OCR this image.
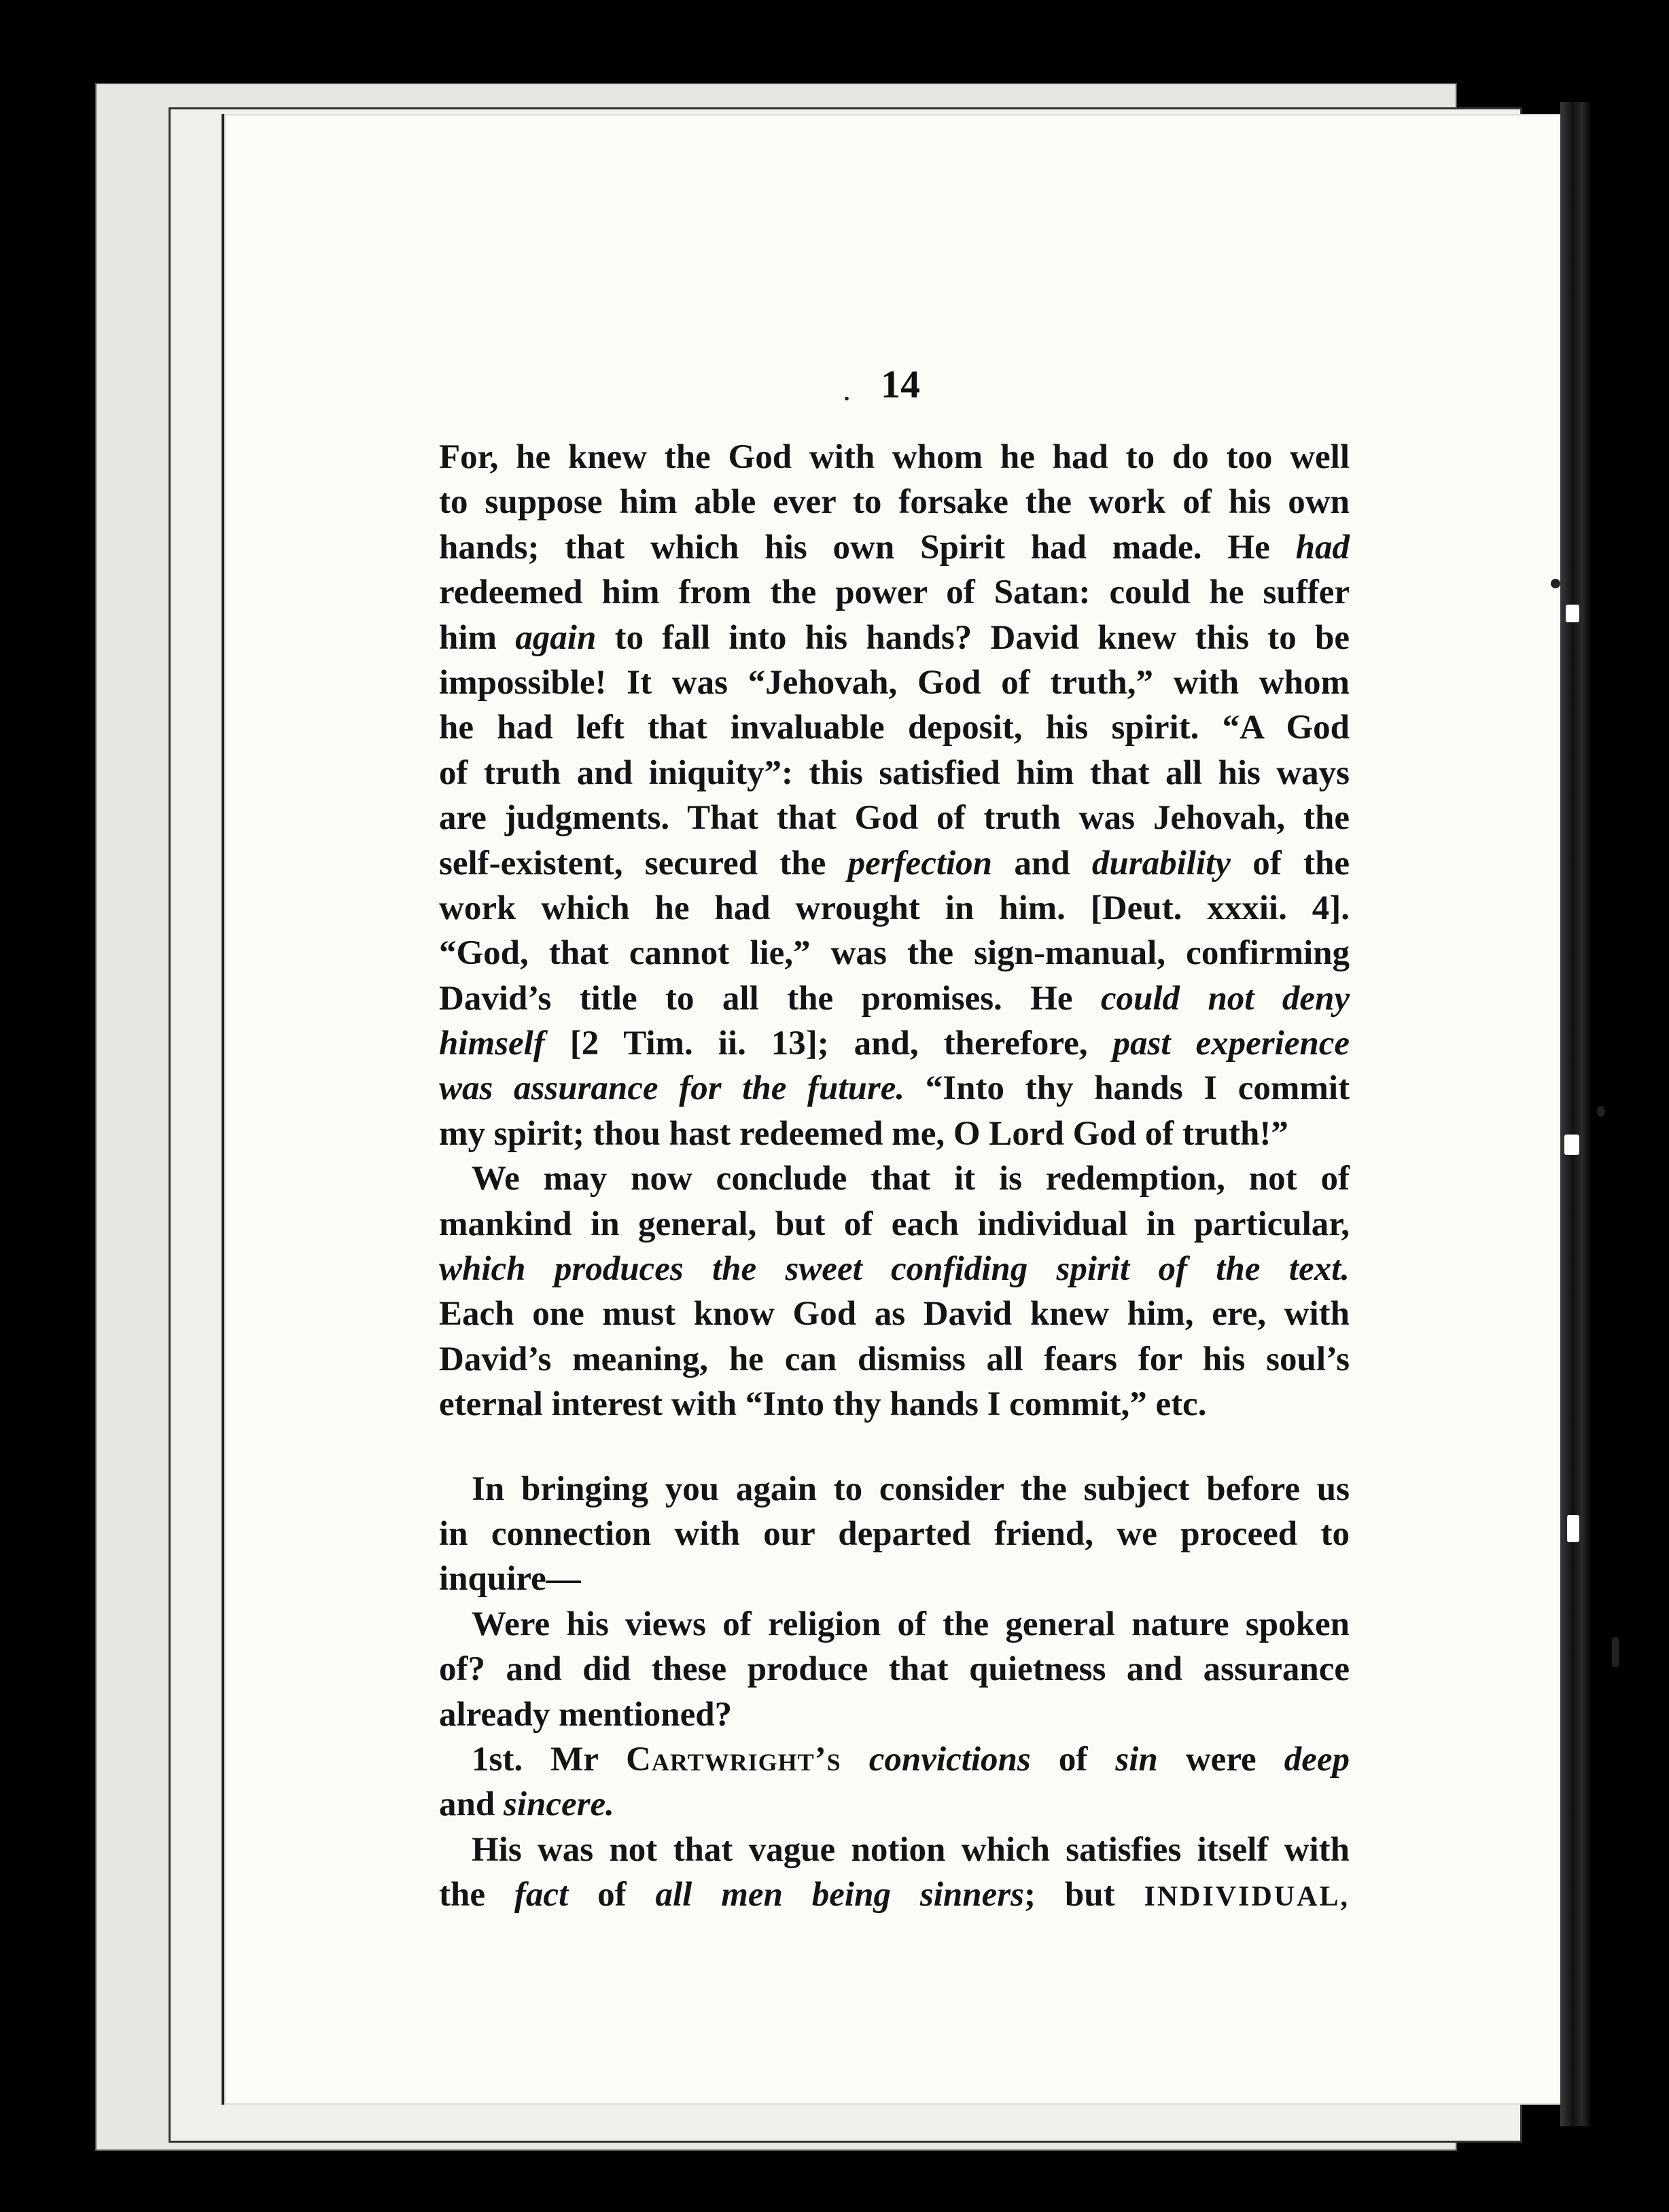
. 14
For, he knew the God with whom he had to do too well
to suppose him able ever to forsake the work of his own
hands; that which his own Spirit had made. He had
redeemed him from the power of Satan: could he suffer
him again to fall into his hands? David knew this to be
impossible! It was “Jehovah, God of truth,” with whom
he had left that invaluable deposit, his spirit. “A God
of truth and iniquity”: this satisfied him that all his ways
are judgments. That that God of truth was Jehovah, the
self-existent, secured the perfection and durability of the
work which he had wrought in him. [Deut. xxxii. 4].
“God, that cannot lie,” was the sign-manual, confirming
David’s title to all the promises. He could not deny
himself [2 Tim. ii. 13]; and, therefore, past experience
was assurance for the future. “Into thy hands I commit
my spirit; thou hast redeemed me, O Lord God of truth!”
We may now conclude that it is redemption, not of
mankind in general, but of each individual in particular,
which produces the sweet confiding spirit of the text.
Each one must know God as David knew him, ere, with
David’s meaning, he can dismiss all fears for his soul’s
eternal interest with “Into thy hands I commit,” etc.
In bringing you again to consider the subject before us
in connection with our departed friend, we proceed to
inquire—
Were his views of religion of the general nature spoken
of? and did these produce that quietness and assurance
already mentioned?
1st. Mr Cartwright’s convictions of sin were deep
and sincere.
His was not that vague notion which satisfies itself with
the fact of all men being sinners; but INDIVIDUAL,
